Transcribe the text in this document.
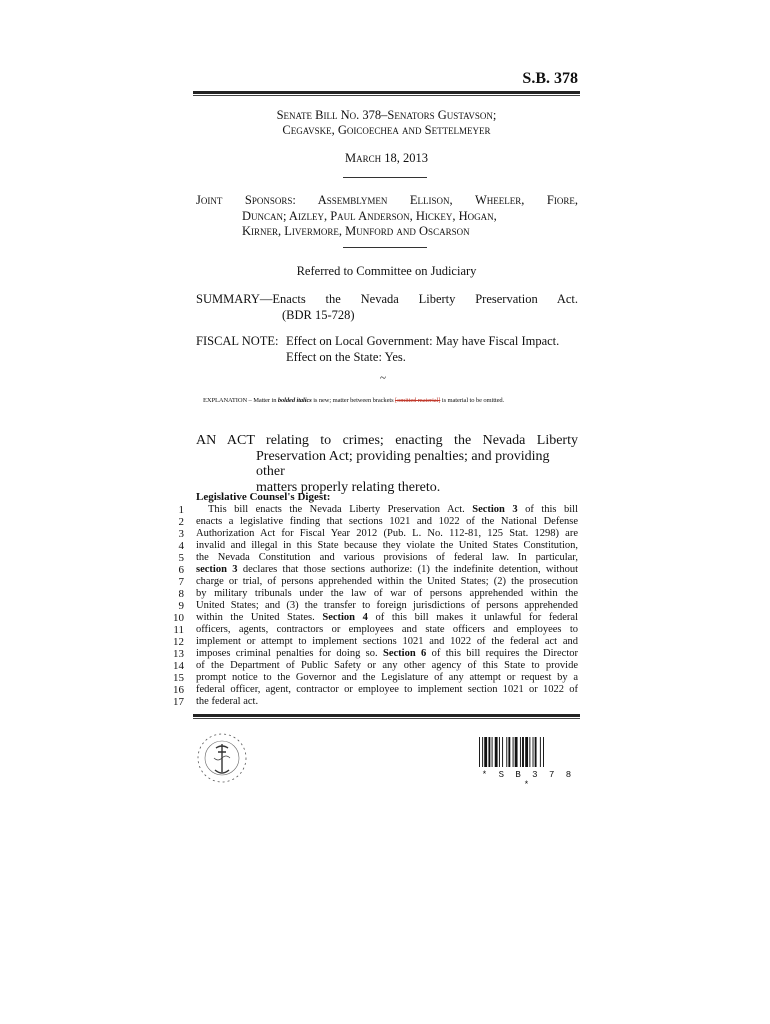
S.B. 378
Senate Bill No. 378–Senators Gustavson;
Cegavske, Goicoechea and Settelmeyer
March 18, 2013
Joint Sponsors: Assemblymen Ellison, Wheeler, Fiore,
Duncan; Aizley, Paul Anderson, Hickey, Hogan,
Kirner, Livermore, Munford and Oscarson
Referred to Committee on Judiciary
SUMMARY—Enacts the Nevada Liberty Preservation Act.
(BDR 15-728)
FISCAL NOTE: Effect on Local Government: May have Fiscal Impact.
Effect on the State: Yes.
~
EXPLANATION – Matter in bolded italics is new; matter between brackets [omitted material] is material to be omitted.
AN ACT relating to crimes; enacting the Nevada Liberty
Preservation Act; providing penalties; and providing other
matters properly relating thereto.
Legislative Counsel's Digest:
1
2
3
4
5
6
7
8
9
10
11
12
13
14
15
16
17
This bill enacts the Nevada Liberty Preservation Act. Section 3 of this bill
enacts a legislative finding that sections 1021 and 1022 of the National Defense
Authorization Act for Fiscal Year 2012 (Pub. L. No. 112-81, 125 Stat. 1298) are
invalid and illegal in this State because they violate the United States Constitution,
the Nevada Constitution and various provisions of federal law. In particular,
section 3 declares that those sections authorize: (1) the indefinite detention, without
charge or trial, of persons apprehended within the United States; (2) the prosecution
by military tribunals under the law of war of persons apprehended within the
United States; and (3) the transfer to foreign jurisdictions of persons apprehended
within the United States. Section 4 of this bill makes it unlawful for federal
officers, agents, contractors or employees and state officers and employees to
implement or attempt to implement sections 1021 and 1022 of the federal act and
imposes criminal penalties for doing so. Section 6 of this bill requires the Director
of the Department of Public Safety or any other agency of this State to provide
prompt notice to the Governor and the Legislature of any attempt or request by a
federal officer, agent, contractor or employee to implement section 1021 or 1022 of
the federal act.
* S B 3 7 8 *
